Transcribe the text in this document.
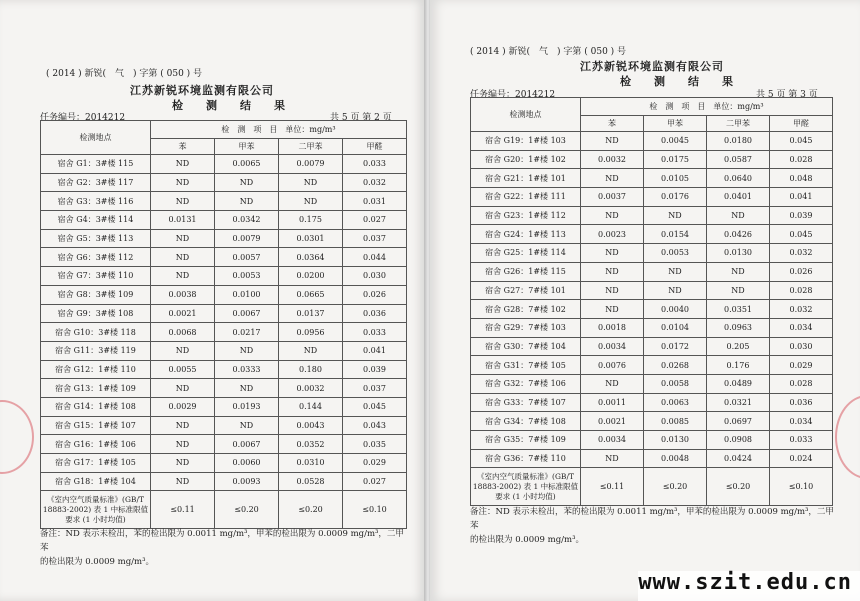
( 2014 ) 新锐(　气　) 字第 ( 050 ) 号
江苏新锐环境监测有限公司
检　测　结　果
任务编号：2014212	共 5 页 第 2 页
检测地点	检　测　项　目　单位：mg/m³			
	苯	甲苯	二甲苯	甲醛
宿舍 G1：3#楼 115	ND	0.0065	0.0079	0.033
宿舍 G2：3#楼 117	ND	ND	ND	0.032
宿舍 G3：3#楼 116	ND	ND	ND	0.031
宿舍 G4：3#楼 114	0.0131	0.0342	0.175	0.027
宿舍 G5：3#楼 113	ND	0.0079	0.0301	0.037
宿舍 G6：3#楼 112	ND	0.0057	0.0364	0.044
宿舍 G7：3#楼 110	ND	0.0053	0.0200	0.030
宿舍 G8：3#楼 109	0.0038	0.0100	0.0665	0.026
宿舍 G9：3#楼 108	0.0021	0.0067	0.0137	0.036
宿舍 G10：3#楼 118	0.0068	0.0217	0.0956	0.033
宿舍 G11：3#楼 119	ND	ND	ND	0.041
宿舍 G12：1#楼 110	0.0055	0.0333	0.180	0.039
宿舍 G13：1#楼 109	ND	ND	0.0032	0.037
宿舍 G14：1#楼 108	0.0029	0.0193	0.144	0.045
宿舍 G15：1#楼 107	ND	ND	0.0043	0.043
宿舍 G16：1#楼 106	ND	0.0067	0.0352	0.035
宿舍 G17：1#楼 105	ND	0.0060	0.0310	0.029
宿舍 G18：1#楼 104	ND	0.0093	0.0528	0.027
《室内空气质量标准》(GB/T 18883-2002) 表 1 中标准限值要求 (1 小时均值)	≤0.11	≤0.20	≤0.20	≤0.10
备注：ND 表示未检出，苯的检出限为 0.0011 mg/m³，甲苯的检出限为 0.0009 mg/m³，二甲苯
的检出限为 0.0009 mg/m³。
( 2014 ) 新锐(　气　) 字第 ( 050 ) 号
江苏新锐环境监测有限公司
检　测　结　果
任务编号：2014212	共 5 页 第 3 页
检测地点	检　测　项　目　单位：mg/m³			
	苯	甲苯	二甲苯	甲醛
宿舍 G19：1#楼 103	ND	0.0045	0.0180	0.045
宿舍 G20：1#楼 102	0.0032	0.0175	0.0587	0.028
宿舍 G21：1#楼 101	ND	0.0105	0.0640	0.048
宿舍 G22：1#楼 111	0.0037	0.0176	0.0401	0.041
宿舍 G23：1#楼 112	ND	ND	ND	0.039
宿舍 G24：1#楼 113	0.0023	0.0154	0.0426	0.045
宿舍 G25：1#楼 114	ND	0.0053	0.0130	0.032
宿舍 G26：1#楼 115	ND	ND	ND	0.026
宿舍 G27：7#楼 101	ND	ND	ND	0.028
宿舍 G28：7#楼 102	ND	0.0040	0.0351	0.032
宿舍 G29：7#楼 103	0.0018	0.0104	0.0963	0.034
宿舍 G30：7#楼 104	0.0034	0.0172	0.205	0.030
宿舍 G31：7#楼 105	0.0076	0.0268	0.176	0.029
宿舍 G32：7#楼 106	ND	0.0058	0.0489	0.028
宿舍 G33：7#楼 107	0.0011	0.0063	0.0321	0.036
宿舍 G34：7#楼 108	0.0021	0.0085	0.0697	0.034
宿舍 G35：7#楼 109	0.0034	0.0130	0.0908	0.033
宿舍 G36：7#楼 110	ND	0.0048	0.0424	0.024
《室内空气质量标准》(GB/T 18883-2002) 表 1 中标准限值要求 (1 小时均值)	≤0.11	≤0.20	≤0.20	≤0.10
备注：ND 表示未检出，苯的检出限为 0.0011 mg/m³，甲苯的检出限为 0.0009 mg/m³，二甲苯
的检出限为 0.0009 mg/m³。
www.szit.edu.cn
